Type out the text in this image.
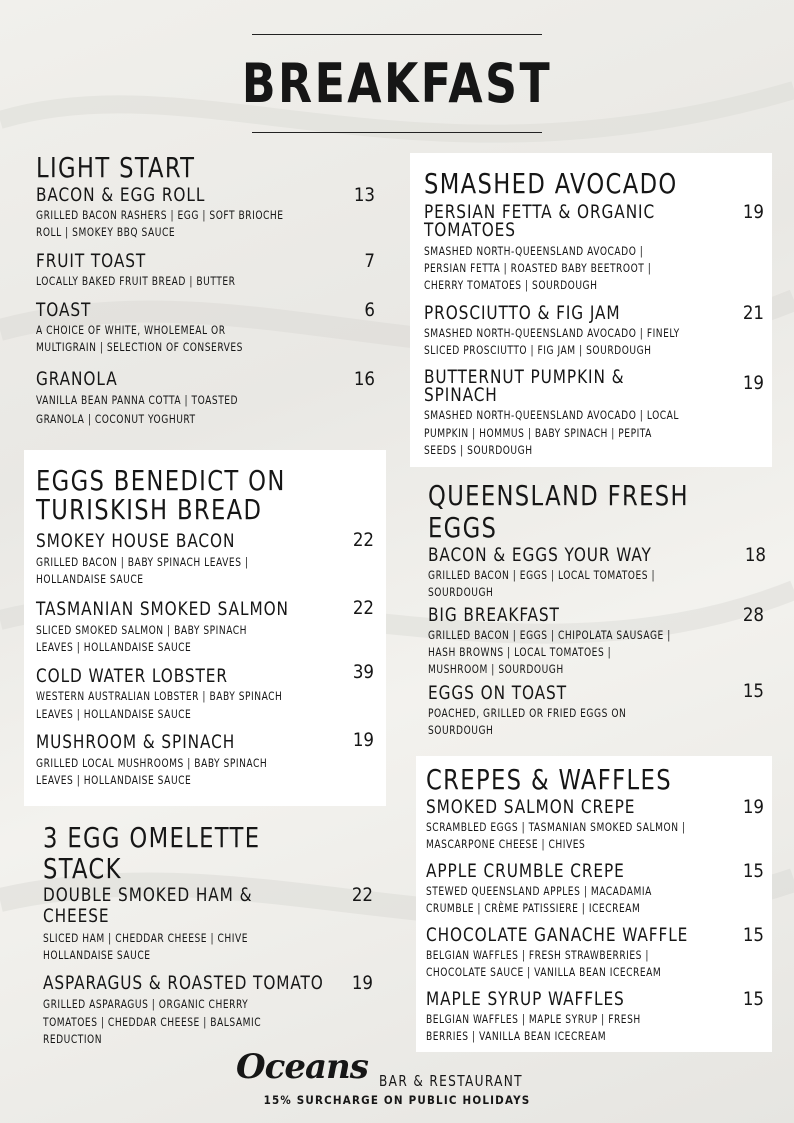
BREAKFAST
LIGHT START
BACON & EGG ROLL	13
GRILLED BACON RASHERS | EGG | SOFT BRIOCHE
ROLL | SMOKEY BBQ SAUCE
FRUIT TOAST	7
LOCALLY BAKED FRUIT BREAD | BUTTER
TOAST	6
A CHOICE OF WHITE, WHOLEMEAL OR
MULTIGRAIN | SELECTION OF CONSERVES
GRANOLA	16
VANILLA BEAN PANNA COTTA | TOASTED
GRANOLA | COCONUT YOGHURT
EGGS BENEDICT ON
TURISKISH BREAD
SMOKEY HOUSE BACON	22
GRILLED BACON | BABY SPINACH LEAVES |
HOLLANDAISE SAUCE
TASMANIAN SMOKED SALMON	22
SLICED SMOKED SALMON | BABY SPINACH
LEAVES | HOLLANDAISE SAUCE
COLD WATER LOBSTER	39
WESTERN AUSTRALIAN LOBSTER | BABY SPINACH
LEAVES | HOLLANDAISE SAUCE
MUSHROOM & SPINACH	19
GRILLED LOCAL MUSHROOMS | BABY SPINACH
LEAVES | HOLLANDAISE SAUCE
3 EGG OMELETTE
STACK
DOUBLE SMOKED HAM &
CHEESE
22
SLICED HAM | CHEDDAR CHEESE | CHIVE
HOLLANDAISE SAUCE
ASPARAGUS & ROASTED TOMATO	19
GRILLED ASPARAGUS | ORGANIC CHERRY
TOMATOES | CHEDDAR CHEESE | BALSAMIC
REDUCTION
SMASHED AVOCADO
PERSIAN FETTA & ORGANIC
TOMATOES
19
SMASHED NORTH-QUEENSLAND AVOCADO |
PERSIAN FETTA | ROASTED BABY BEETROOT |
CHERRY TOMATOES | SOURDOUGH
PROSCIUTTO & FIG JAM	21
SMASHED NORTH-QUEENSLAND AVOCADO | FINELY
SLICED PROSCIUTTO | FIG JAM | SOURDOUGH
BUTTERNUT PUMPKIN &
SPINACH
19
SMASHED NORTH-QUEENSLAND AVOCADO | LOCAL
PUMPKIN | HOMMUS | BABY SPINACH | PEPITA
SEEDS | SOURDOUGH
QUEENSLAND FRESH
EGGS
BACON & EGGS YOUR WAY	18
GRILLED BACON | EGGS | LOCAL TOMATOES |
SOURDOUGH
BIG BREAKFAST	28
GRILLED BACON | EGGS | CHIPOLATA SAUSAGE |
HASH BROWNS | LOCAL TOMATOES |
MUSHROOM | SOURDOUGH
EGGS ON TOAST	15
POACHED, GRILLED OR FRIED EGGS ON
SOURDOUGH
CREPES & WAFFLES
SMOKED SALMON CREPE	19
SCRAMBLED EGGS | TASMANIAN SMOKED SALMON |
MASCARPONE CHEESE | CHIVES
APPLE CRUMBLE CREPE	15
STEWED QUEENSLAND APPLES | MACADAMIA
CRUMBLE | CRÈME PATISSIERE | ICECREAM
CHOCOLATE GANACHE WAFFLE	15
BELGIAN WAFFLES | FRESH STRAWBERRIES |
CHOCOLATE SAUCE | VANILLA BEAN ICECREAM
MAPLE SYRUP WAFFLES	15
BELGIAN WAFFLES | MAPLE SYRUP | FRESH
BERRIES | VANILLA BEAN ICECREAM
Oceans BAR & RESTAURANT
15% SURCHARGE ON PUBLIC HOLIDAYS
